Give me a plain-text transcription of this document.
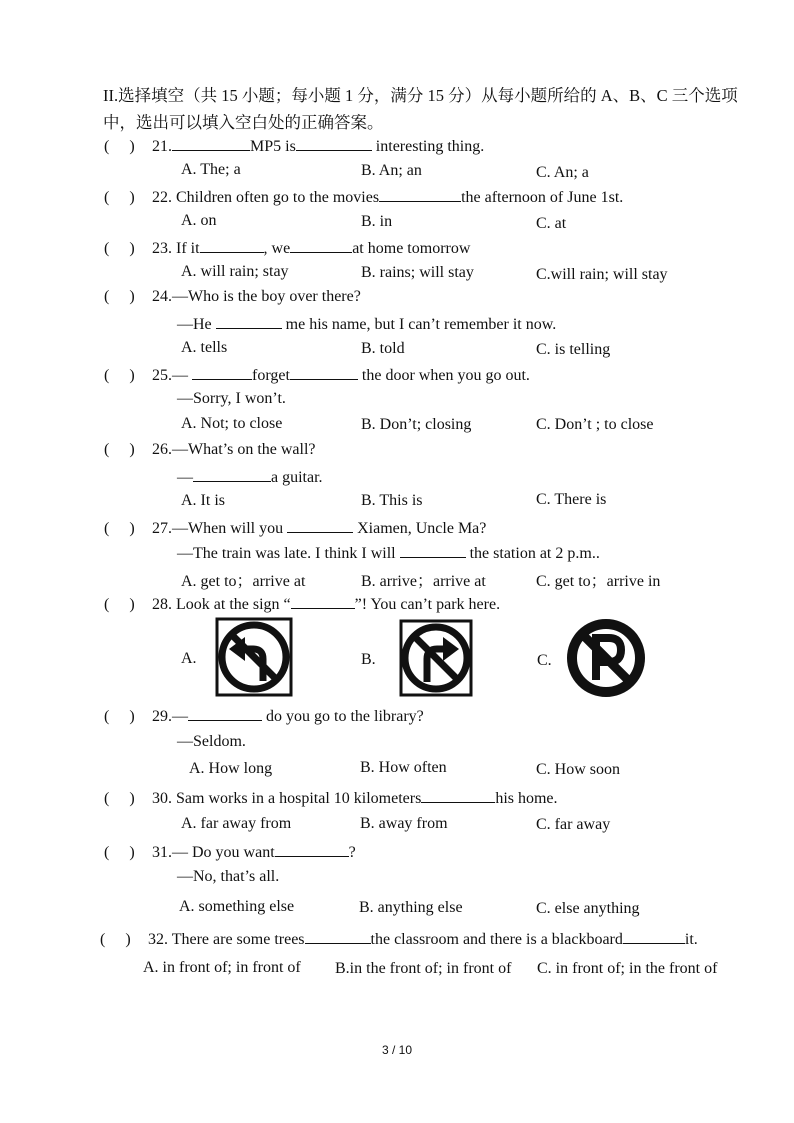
II.选择填空（共 15 小题；每小题 1 分，满分 15 分）从每小题所给的 A、B、C 三个选项中，选出可以填入空白处的正确答案。
(     ) 21.	MP5 is	interesting thing.
A. The; a	B. An; an	C. An; a
(     ) 22. Children often go to the movies	the afternoon of June 1st.
A. on	B. in	C. at
(     ) 23. If it	, we	at home tomorrow
A. will rain; stay	B. rains; will stay	C.will rain; will stay
(     ) 24.—Who is the boy over there?
—He	me his name, but I can’t remember it now.
A. tells	B. told	C. is telling
(     ) 25.—	forget	the door when you go out.
—Sorry, I won’t.
A. Not; to close	B. Don’t; closing	C. Don’t ; to close
(     ) 26.—What’s on the wall?
—	a guitar.
A. It is	B. This is	C. There is
(     ) 27.—When will you	Xiamen, Uncle Ma?
—The train was late. I think I will	the station at 2 p.m..
A. get to；arrive at	B. arrive；arrive at	C. get to；arrive in
(     ) 28. Look at the sign “	”! You can’t park here.
A.	B.	C.
(     ) 29.—	do you go to the library?
—Seldom.
A. How long	B. How often	C. How soon
(     ) 30. Sam works in a hospital 10 kilometers	his home.
A. far away from	B. away from	C. far away
(     ) 31.— Do you want	?
—No, that’s all.
A. something else	B. anything else	C. else anything
(     ) 32. There are some trees	the classroom and there is a blackboard	it.
A. in front of; in front of B.in the front of; in front of C. in front of; in the front of
3 / 10
